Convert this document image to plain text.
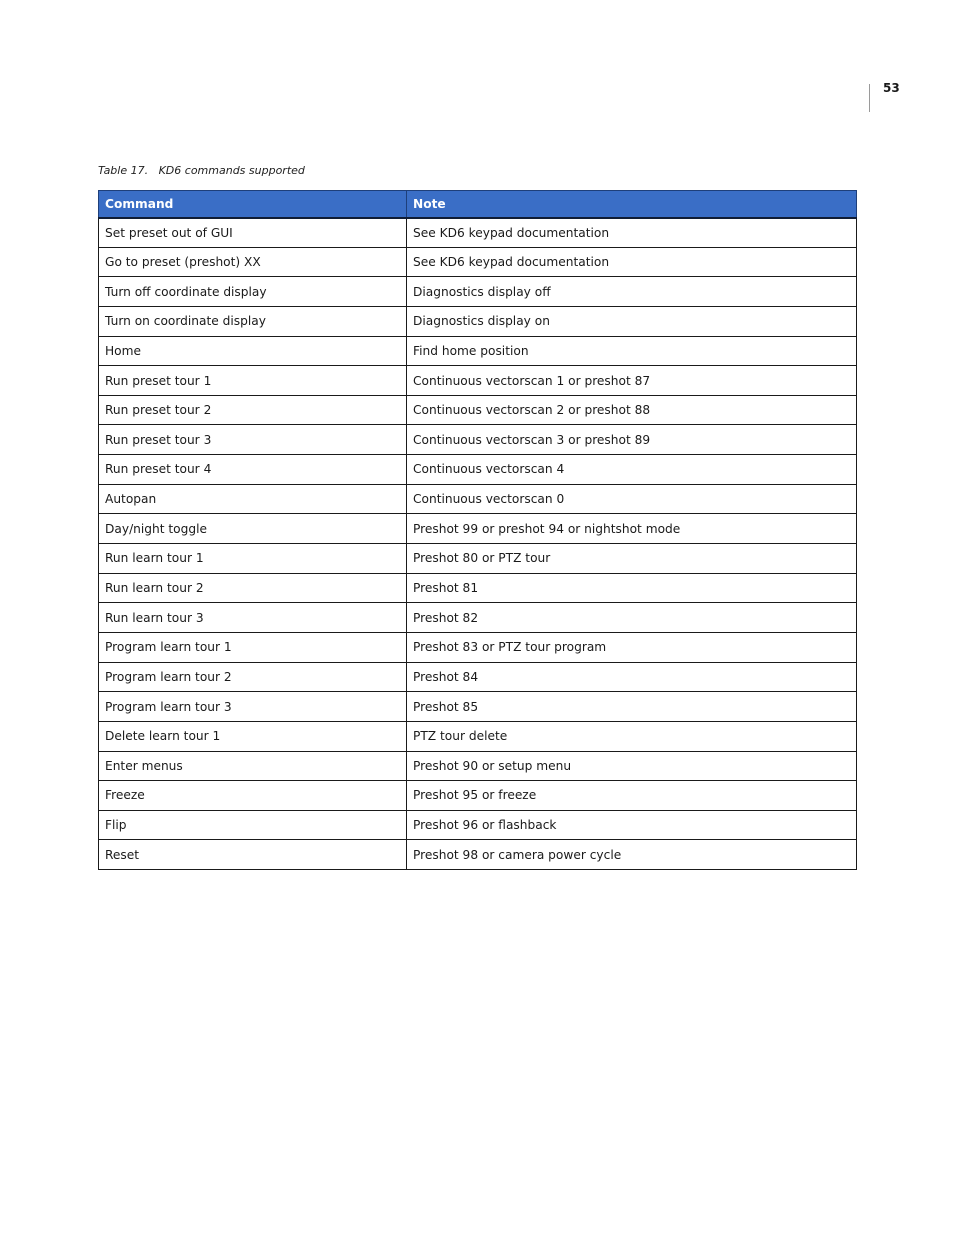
53
Table 17.   KD6 commands supported
Command	Note
Set preset out of GUI	See KD6 keypad documentation
Go to preset (preshot) XX	See KD6 keypad documentation
Turn off coordinate display	Diagnostics display off
Turn on coordinate display	Diagnostics display on
Home	Find home position
Run preset tour 1	Continuous vectorscan 1 or preshot 87
Run preset tour 2	Continuous vectorscan 2 or preshot 88
Run preset tour 3	Continuous vectorscan 3 or preshot 89
Run preset tour 4	Continuous vectorscan 4
Autopan	Continuous vectorscan 0
Day/night toggle	Preshot 99 or preshot 94 or nightshot mode
Run learn tour 1	Preshot 80 or PTZ tour
Run learn tour 2	Preshot 81
Run learn tour 3	Preshot 82
Program learn tour 1	Preshot 83 or PTZ tour program
Program learn tour 2	Preshot 84
Program learn tour 3	Preshot 85
Delete learn tour 1	PTZ tour delete
Enter menus	Preshot 90 or setup menu
Freeze	Preshot 95 or freeze
Flip	Preshot 96 or flashback
Reset	Preshot 98 or camera power cycle
